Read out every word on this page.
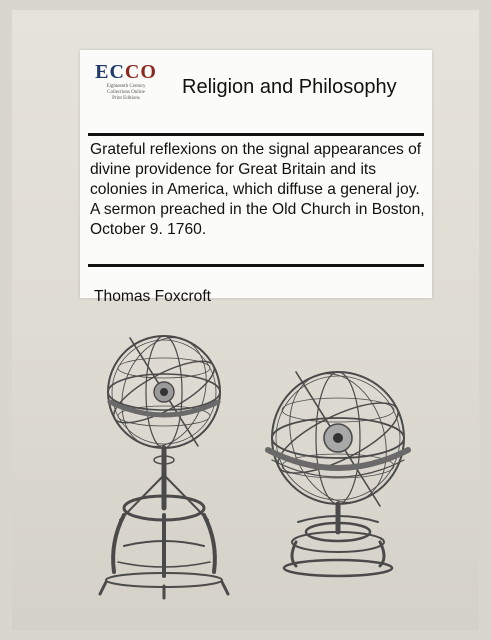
ECCO
Eighteenth Century
Collections Online
Print Editions
Religion and Philosophy
Grateful reflexions on the signal appearances of divine providence for Great Britain and its colonies in America, which diffuse a general joy. A sermon preached in the Old Church in Boston, October 9. 1760.
Thomas Foxcroft
